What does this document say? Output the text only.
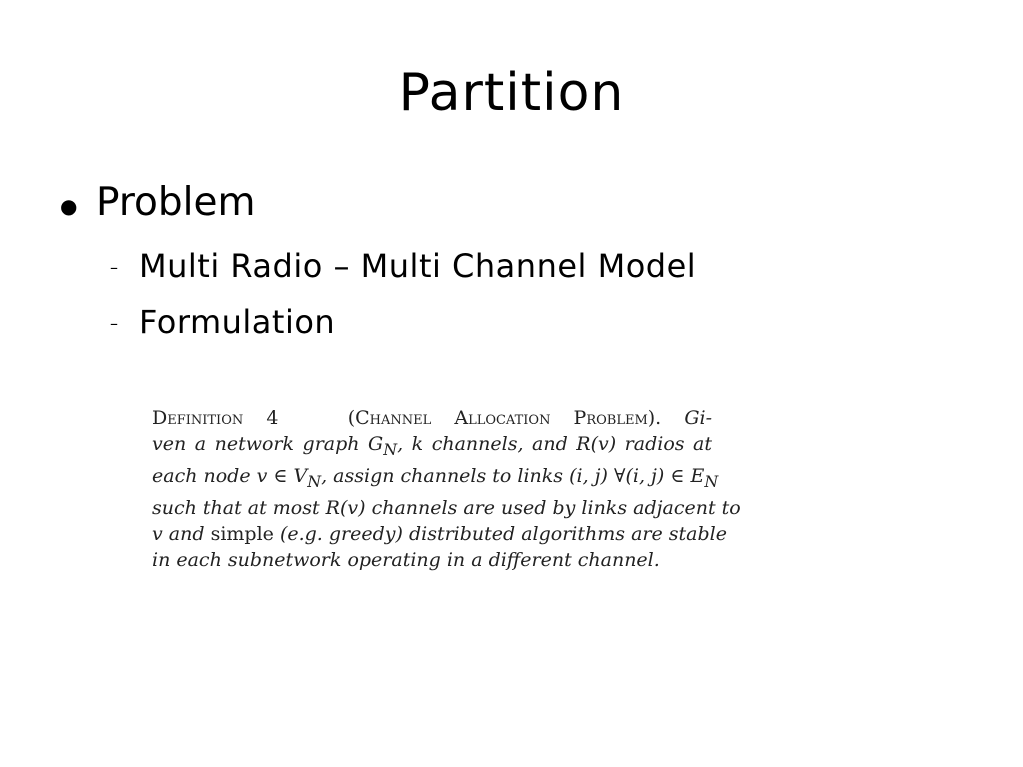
Partition
● Problem
– Multi Radio – Multi Channel Model
– Formulation
Definition 4	(Channel Allocation Problem). Gi-
ven a network graph $G_N$, k channels, and R(v) radios at
each node v ∈ $V_N$, assign channels to links (i, j) ∀(i, j) ∈ $E_N$
such that at most R(v) channels are used by links adjacent to
v and simple (e.g. greedy) distributed algorithms are stable
in each subnetwork operating in a different channel.
